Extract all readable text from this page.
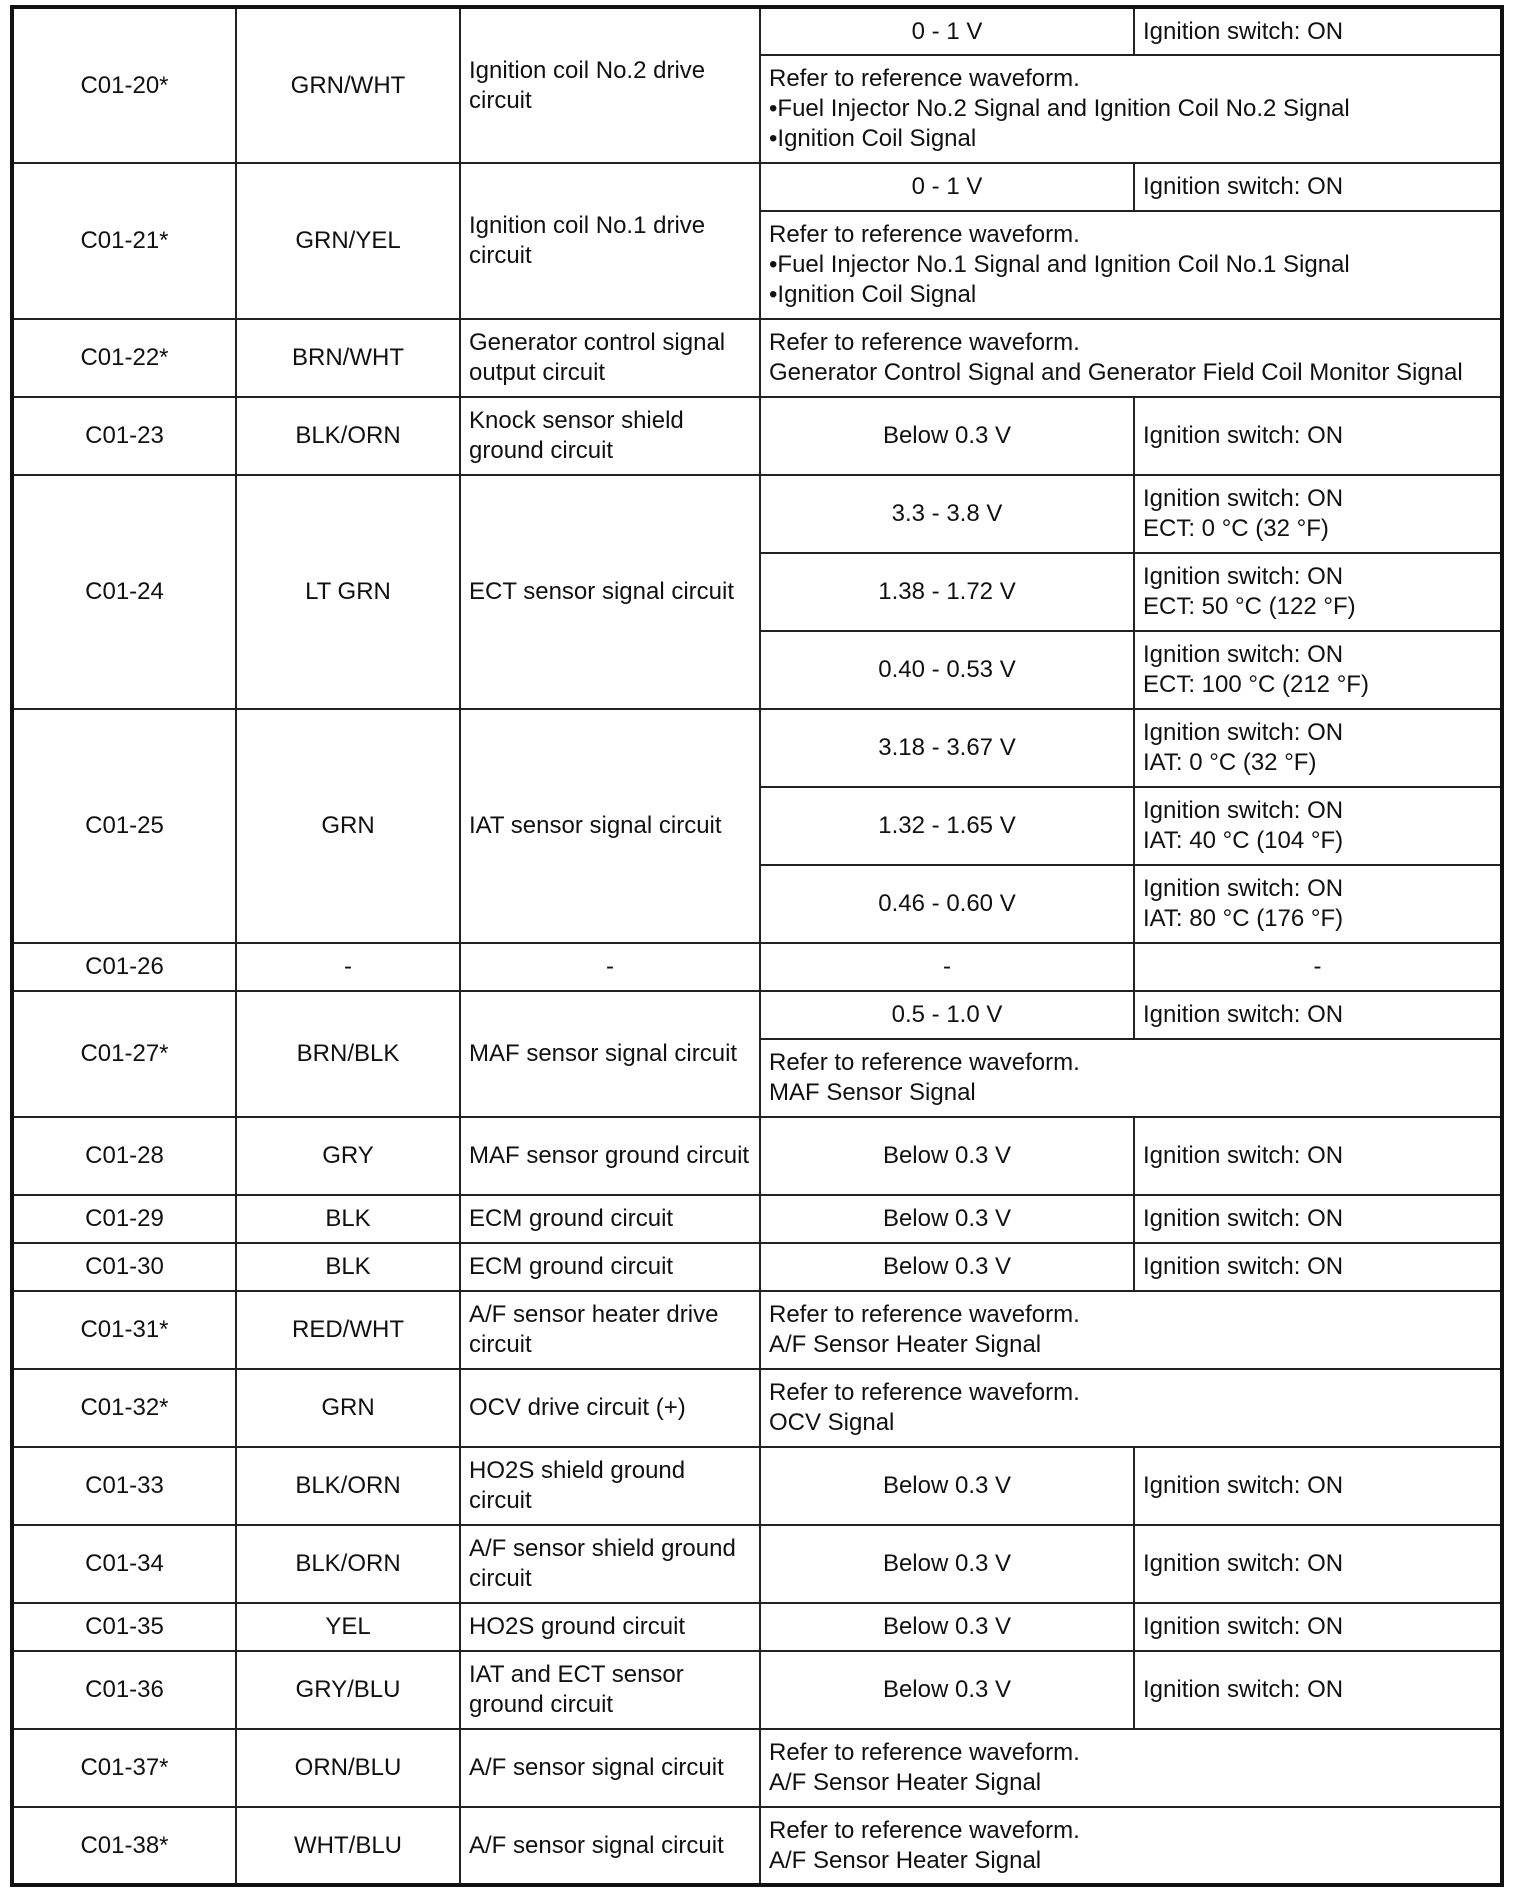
C01-20*	GRN/WHT	Ignition coil No.2 drive circuit	0 - 1 V	Ignition switch: ON

			Refer to reference waveform.
•Fuel Injector No.2 Signal and Ignition Coil No.2 Signal
•Ignition Coil Signal	

C01-21*	GRN/YEL	Ignition coil No.1 drive circuit	0 - 1 V	Ignition switch: ON

			Refer to reference waveform.
•Fuel Injector No.1 Signal and Ignition Coil No.1 Signal
•Ignition Coil Signal	

C01-22*	BRN/WHT	Generator control signal output circuit	Refer to reference waveform.
Generator Control Signal and Generator Field Coil Monitor Signal	

C01-23	BLK/ORN	Knock sensor shield ground circuit	Below 0.3 V	Ignition switch: ON
C01-24	LT GRN	ECT sensor signal circuit	3.3 - 3.8 V	Ignition switch: ON
ECT: 0 °C (32 °F)

			1.38 - 1.72 V	Ignition switch: ON
ECT: 50 °C (122 °F)

			0.40 - 0.53 V	Ignition switch: ON
ECT: 100 °C (212 °F)

C01-25	GRN	IAT sensor signal circuit	3.18 - 3.67 V	Ignition switch: ON
IAT: 0 °C (32 °F)

			1.32 - 1.65 V	Ignition switch: ON
IAT: 40 °C (104 °F)

			0.46 - 0.60 V	Ignition switch: ON
IAT: 80 °C (176 °F)

C01-26	-	-	-	-
C01-27*	BRN/BLK	MAF sensor signal circuit	0.5 - 1.0 V	Ignition switch: ON

			Refer to reference waveform.
MAF Sensor Signal	

C01-28	GRY	MAF sensor ground circuit	Below 0.3 V	Ignition switch: ON
C01-29	BLK	ECM ground circuit	Below 0.3 V	Ignition switch: ON
C01-30	BLK	ECM ground circuit	Below 0.3 V	Ignition switch: ON
C01-31*	RED/WHT	A/F sensor heater drive circuit	Refer to reference waveform.
A/F Sensor Heater Signal	

C01-32*	GRN	OCV drive circuit (+)	Refer to reference waveform.
OCV Signal	

C01-33	BLK/ORN	HO2S shield ground circuit	Below 0.3 V	Ignition switch: ON
C01-34	BLK/ORN	A/F sensor shield ground circuit	Below 0.3 V	Ignition switch: ON
C01-35	YEL	HO2S ground circuit	Below 0.3 V	Ignition switch: ON
C01-36	GRY/BLU	IAT and ECT sensor ground circuit	Below 0.3 V	Ignition switch: ON
C01-37*	ORN/BLU	A/F sensor signal circuit	Refer to reference waveform.
A/F Sensor Heater Signal	

C01-38*	WHT/BLU	A/F sensor signal circuit	Refer to reference waveform.
A/F Sensor Heater Signal	
